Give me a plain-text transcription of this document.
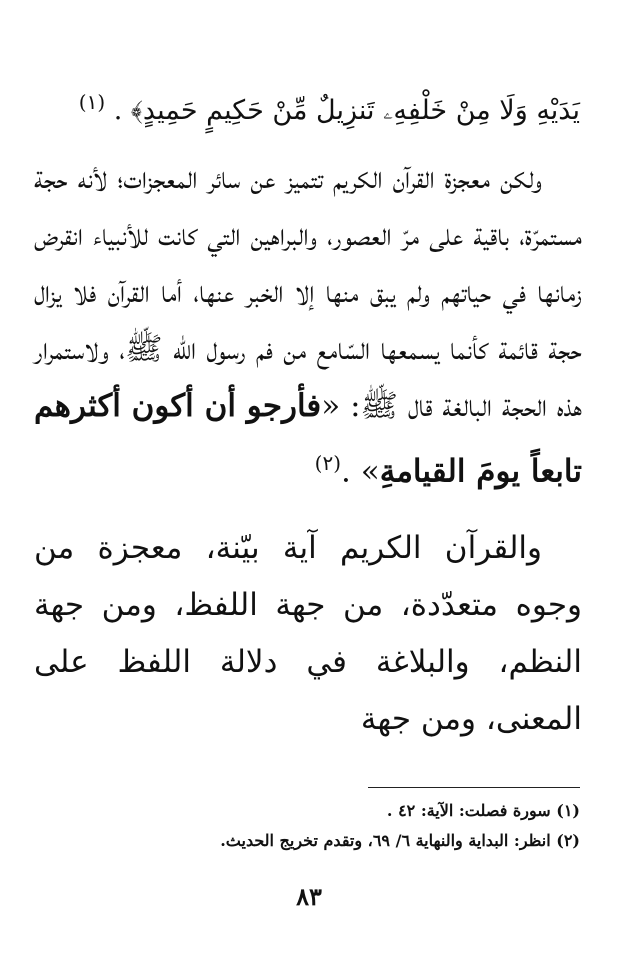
يَدَيْهِ وَلَا مِنْ خَلْفِهِۦ تَنزِيلٌ مِّنْ حَكِيمٍ حَمِيدٍ﴾ . $^{(١)}$

ولكن معجزة القرآن الكريم تتميز عن سائر المعجزات؛ لأنه حجة مستمرّة، باقية على مرّ العصور، والبراهين التي كانت للأنبياء انقرض زمانها في حياتهم ولم يبق منها إلا الخبر عنها، أما القرآن فلا يزال حجة قائمة كأنما يسمعها السّامع من فم رسول الله ﷺ، ولاستمرار هذه الحجة البالغة قال ﷺ: «فأرجو أن أكون أكثرهم تابعاً يومَ القيامةِ» .$^{(٢)}$

والقرآن الكريم آية بيّنة، معجزة من وجوه متعدّدة، من جهة اللفظ، ومن جهة النظم، والبلاغة في دلالة اللفظ على المعنى، ومن جهة

(١) سورة فصلت: الآية: ٤٢ .
(٢) انظر: البداية والنهاية ٦/ ٦٩، وتقدم تخريج الحديث.
٨٣
